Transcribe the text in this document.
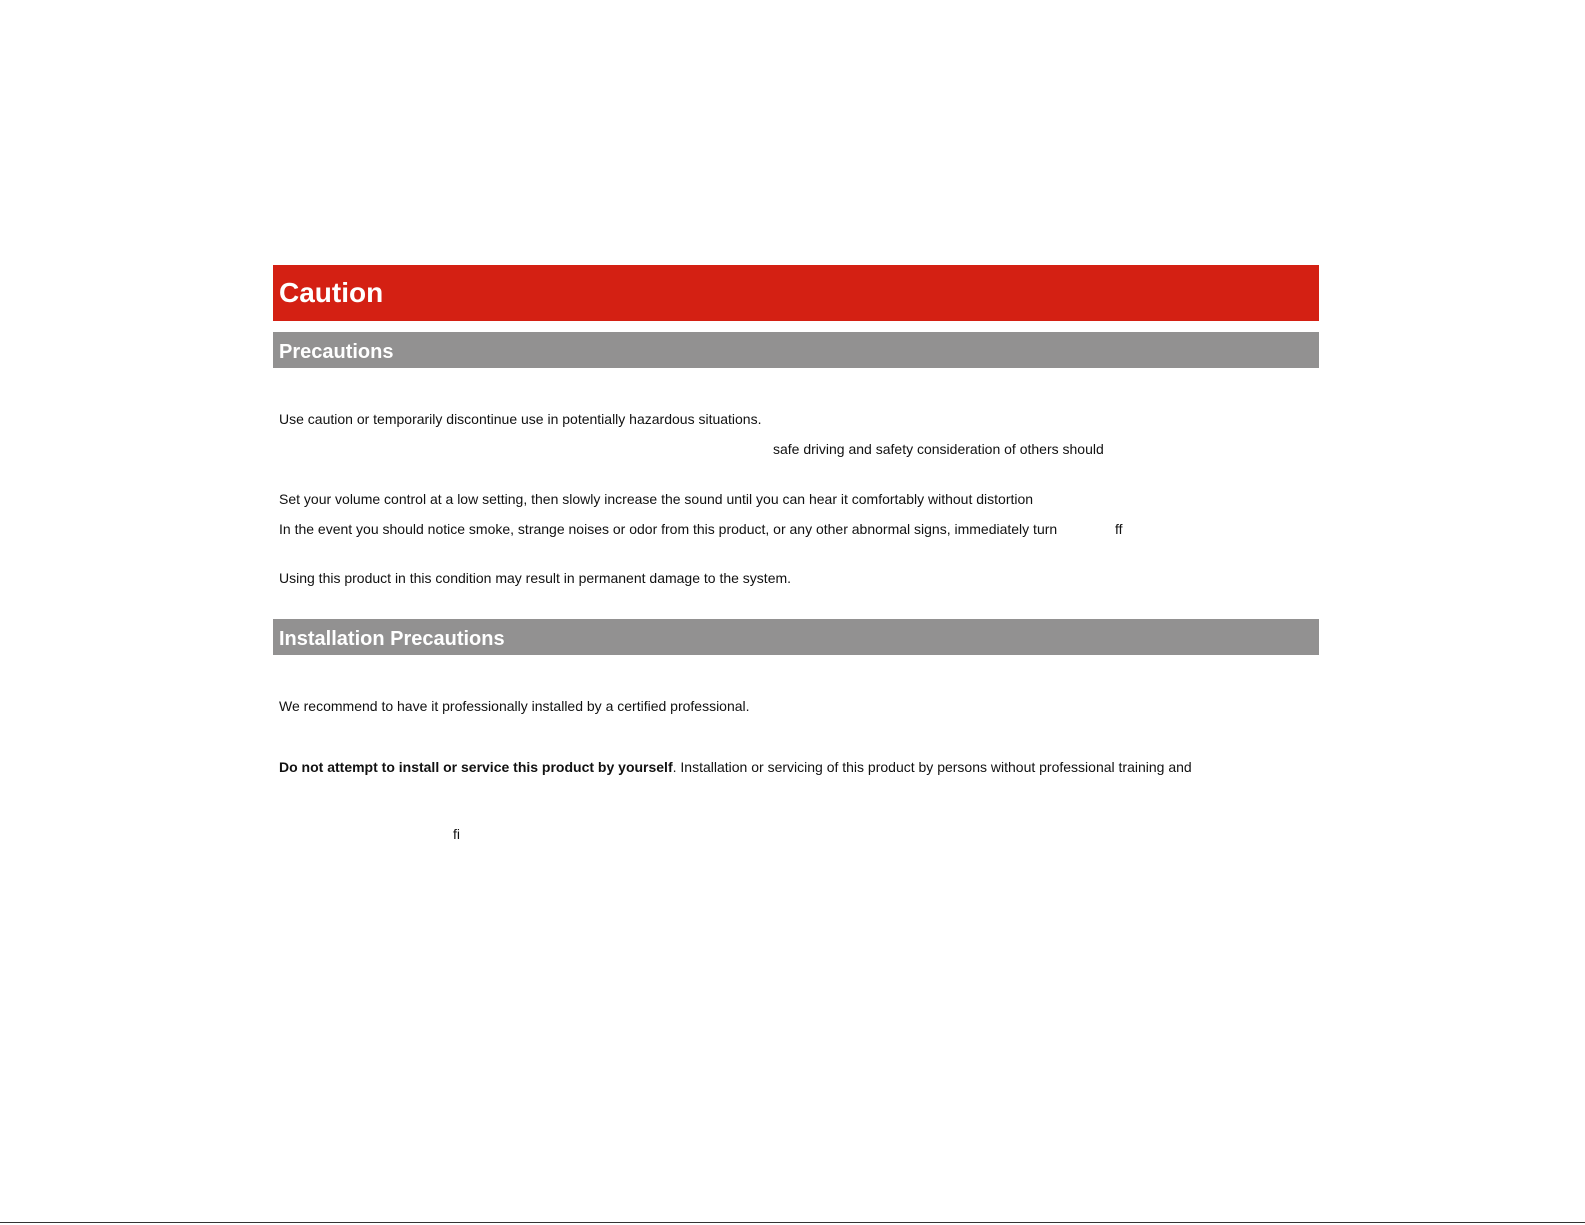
Caution
Precautions
Use caution or temporarily discontinue use in potentially hazardous situations.
safe driving and safety consideration of others should
Set your volume control at a low setting, then slowly increase the sound until you can hear it comfortably without distortion
In the event you should notice smoke, strange noises or odor from this product, or any other abnormal signs, immediately turn	ff
Using this product in this condition may result in permanent damage to the system.
Installation Precautions
We recommend to have it professionally installed by a certified professional.
Do not attempt to install or service this product by yourself. Installation or servicing of this product by persons without professional training and
fi
